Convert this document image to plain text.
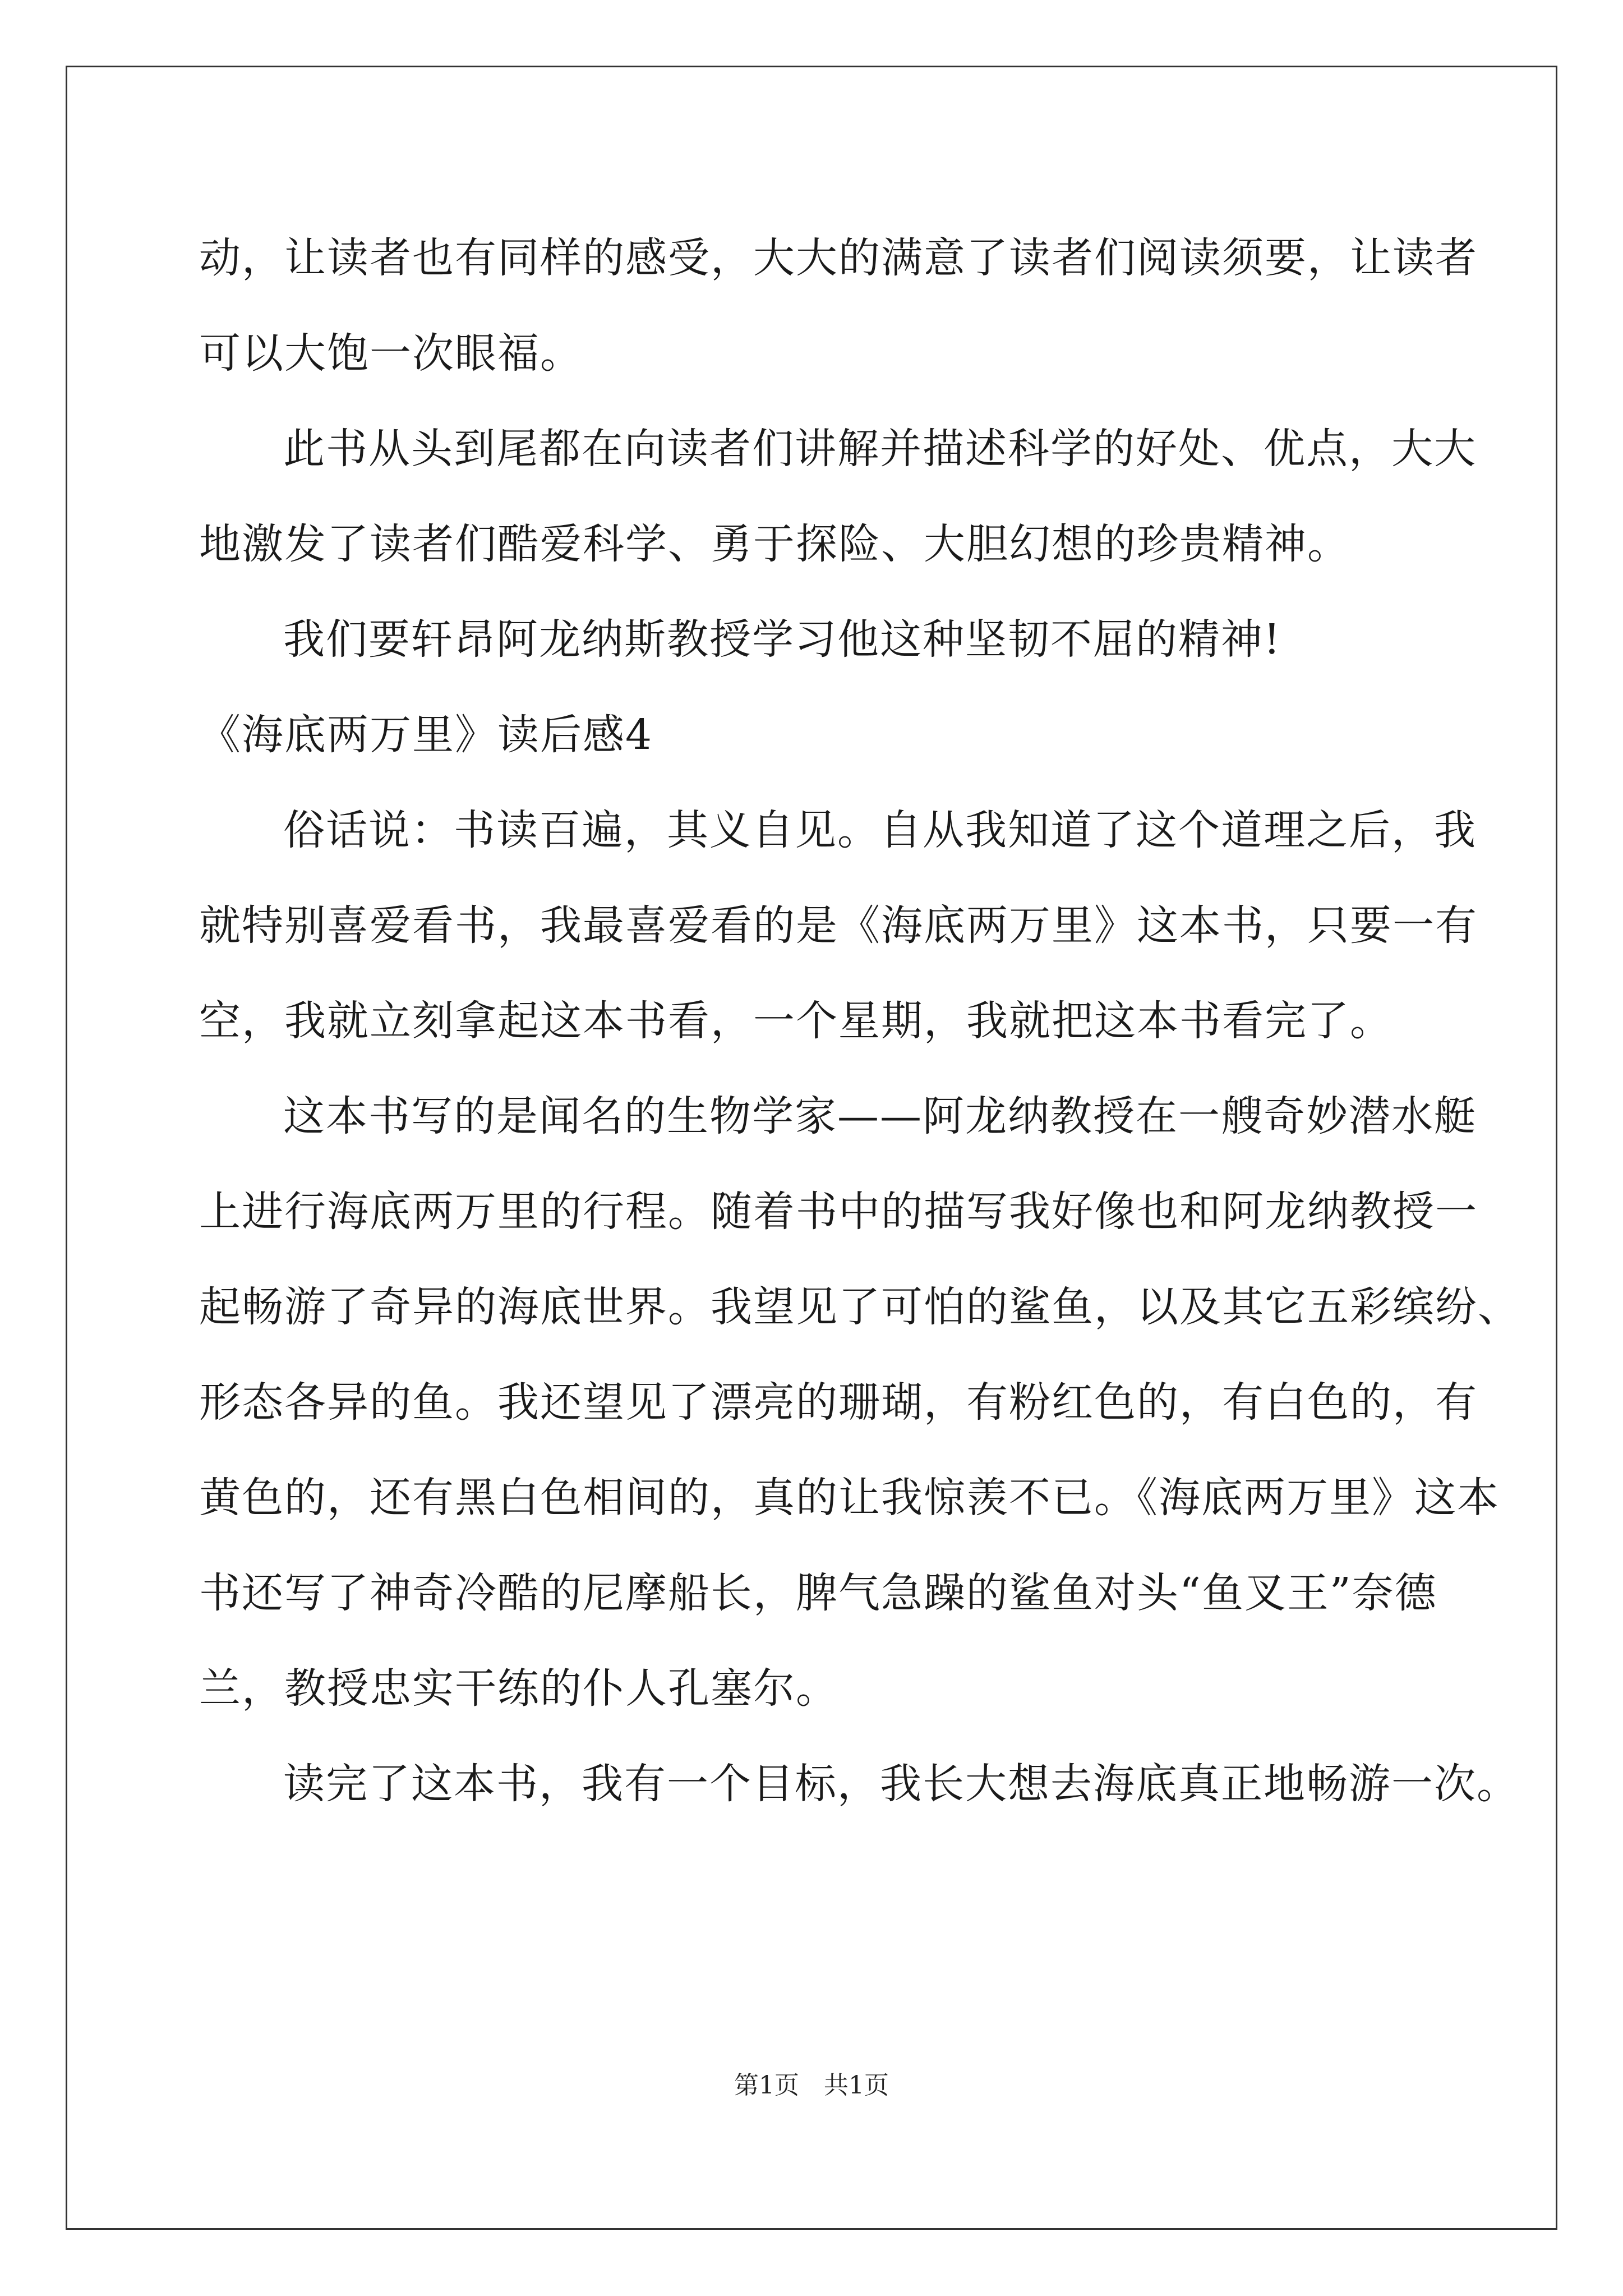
动，让读者也有同样的感受，大大的满意了读者们阅读须要，让读者
可以大饱一次眼福。
此书从头到尾都在向读者们讲解并描述科学的好处、优点，大大
地激发了读者们酷爱科学、勇于探险、大胆幻想的珍贵精神。
我们要轩昂阿龙纳斯教授学习他这种坚韧不屈的精神!
《海底两万里》读后感4
俗话说：书读百遍，其义自见。自从我知道了这个道理之后，我
就特别喜爱看书，我最喜爱看的是《海底两万里》这本书，只要一有
空，我就立刻拿起这本书看，一个星期，我就把这本书看完了。
这本书写的是闻名的生物学家——阿龙纳教授在一艘奇妙潜水艇
上进行海底两万里的行程。随着书中的描写我好像也和阿龙纳教授一
起畅游了奇异的海底世界。我望见了可怕的鲨鱼，以及其它五彩缤纷、
形态各异的鱼。我还望见了漂亮的珊瑚，有粉红色的，有白色的，有
黄色的，还有黑白色相间的，真的让我惊羡不已。《海底两万里》这本
书还写了神奇冷酷的尼摩船长，脾气急躁的鲨鱼对头“鱼叉王”奈德
兰，教授忠实干练的仆人孔塞尔。
读完了这本书，我有一个目标，我长大想去海底真正地畅游一次。
第1页　共1页
